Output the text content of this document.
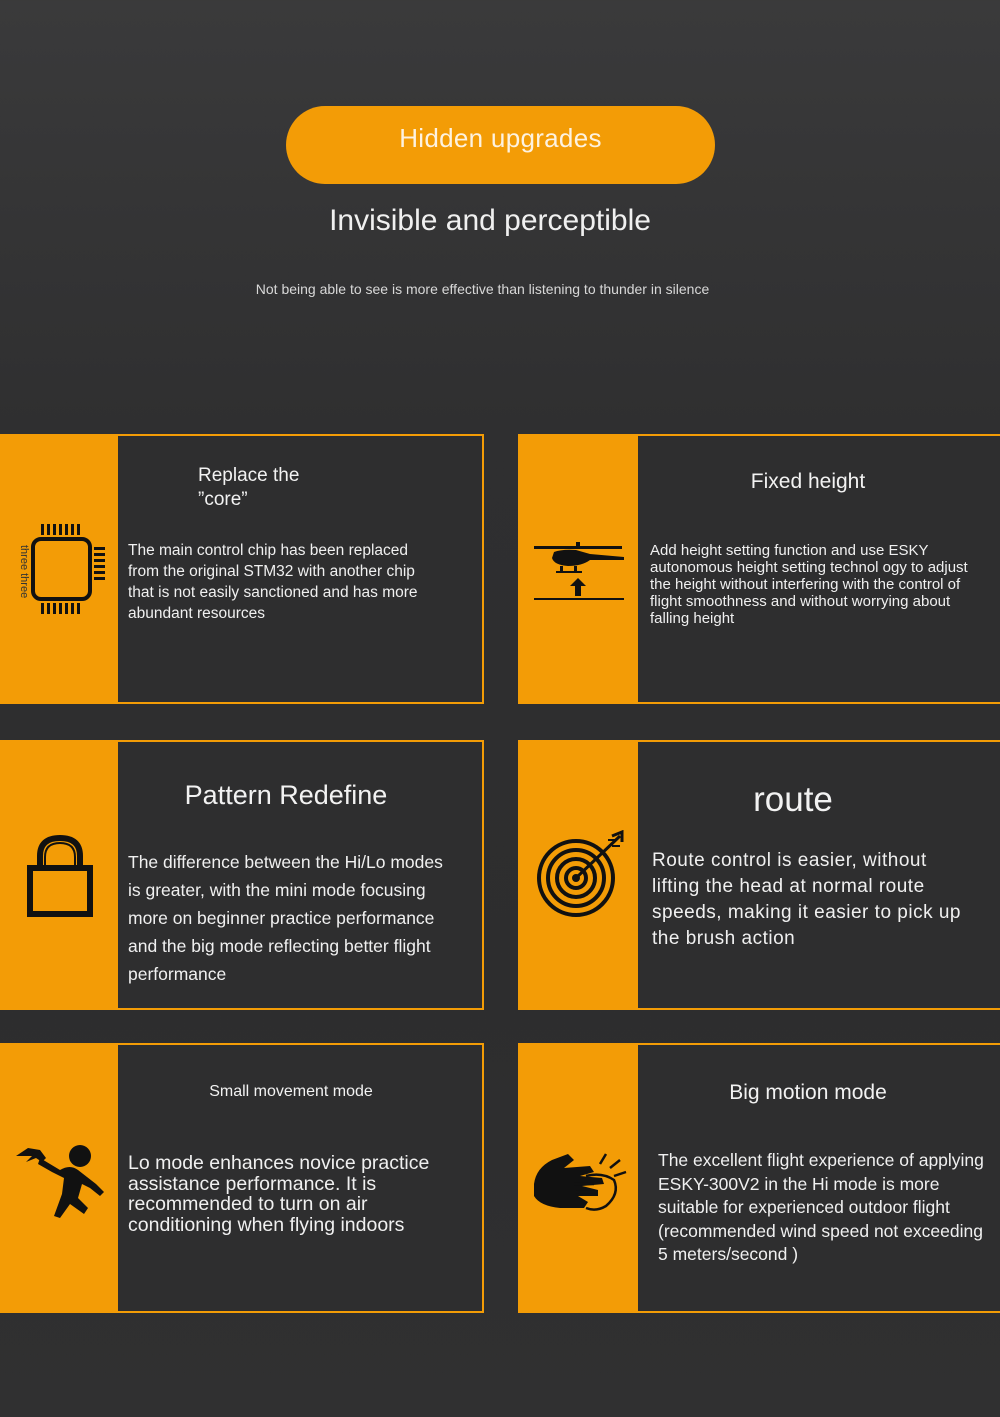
Hidden upgrades
Invisible and perceptible
Not being able to see is more effective than listening to thunder in silence
Replace the
”core”
The main control chip has been replaced from the original STM32 with another chip that is not easily sanctioned and has more abundant resources
three three
Fixed height
Add height setting function and use ESKY autonomous height setting technol ogy to adjust the height without interfering with the control of flight smoothness and without worrying about falling height
Pattern Redefine
The difference between the Hi/Lo modes is greater, with the mini mode focusing more on beginner practice performance and the big mode reflecting better flight performance
route
Route control is easier, without lifting the head at normal route speeds, making it easier to pick up the brush action
Small movement mode
Lo mode enhances novice practice assistance performance. It is recommended to turn on air conditioning when flying indoors
Big motion mode
The excellent flight experience of applying ESKY-300V2 in the Hi mode is more suitable for experienced outdoor flight (recommended wind speed not exceeding 5 meters/second )
